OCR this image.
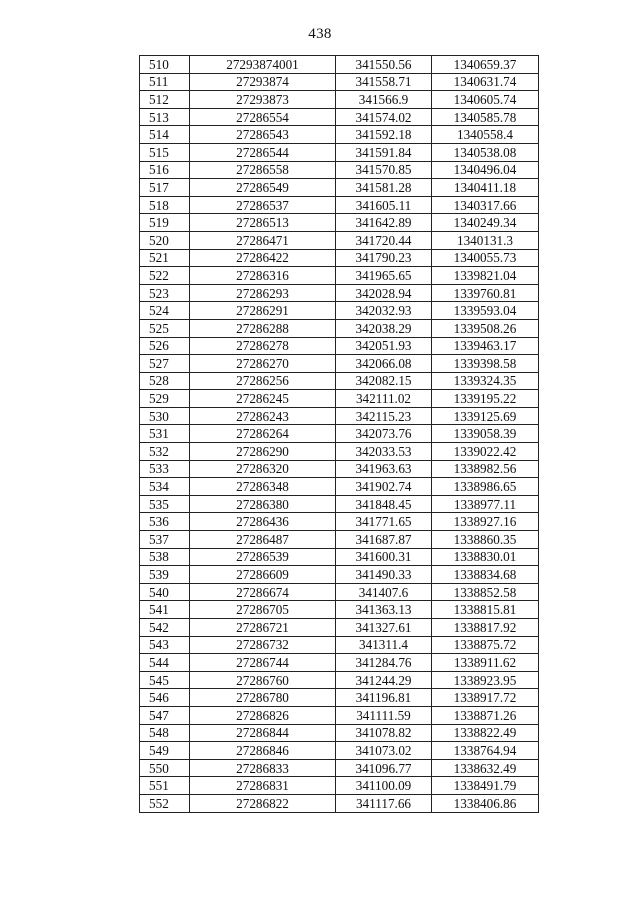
438
510	27293874001	341550.56	1340659.37
511	27293874	341558.71	1340631.74
512	27293873	341566.9	1340605.74
513	27286554	341574.02	1340585.78
514	27286543	341592.18	1340558.4
515	27286544	341591.84	1340538.08
516	27286558	341570.85	1340496.04
517	27286549	341581.28	1340411.18
518	27286537	341605.11	1340317.66
519	27286513	341642.89	1340249.34
520	27286471	341720.44	1340131.3
521	27286422	341790.23	1340055.73
522	27286316	341965.65	1339821.04
523	27286293	342028.94	1339760.81
524	27286291	342032.93	1339593.04
525	27286288	342038.29	1339508.26
526	27286278	342051.93	1339463.17
527	27286270	342066.08	1339398.58
528	27286256	342082.15	1339324.35
529	27286245	342111.02	1339195.22
530	27286243	342115.23	1339125.69
531	27286264	342073.76	1339058.39
532	27286290	342033.53	1339022.42
533	27286320	341963.63	1338982.56
534	27286348	341902.74	1338986.65
535	27286380	341848.45	1338977.11
536	27286436	341771.65	1338927.16
537	27286487	341687.87	1338860.35
538	27286539	341600.31	1338830.01
539	27286609	341490.33	1338834.68
540	27286674	341407.6	1338852.58
541	27286705	341363.13	1338815.81
542	27286721	341327.61	1338817.92
543	27286732	341311.4	1338875.72
544	27286744	341284.76	1338911.62
545	27286760	341244.29	1338923.95
546	27286780	341196.81	1338917.72
547	27286826	341111.59	1338871.26
548	27286844	341078.82	1338822.49
549	27286846	341073.02	1338764.94
550	27286833	341096.77	1338632.49
551	27286831	341100.09	1338491.79
552	27286822	341117.66	1338406.86
